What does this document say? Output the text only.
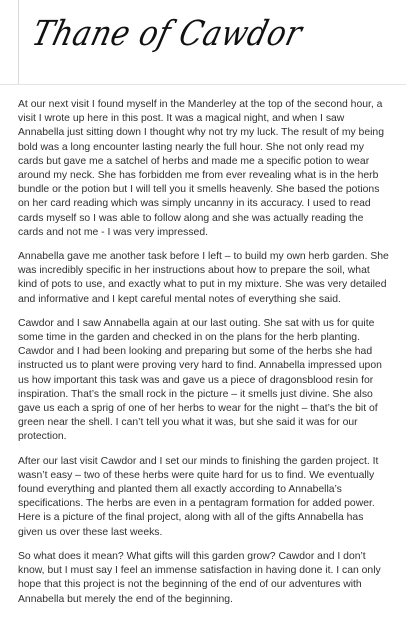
Thane of Cawdor

At our next visit I found myself in the Manderley at the top of the second hour, a visit I wrote up here in this post. It was a magical night, and when I saw Annabella just sitting down I thought why not try my luck. The result of my being bold was a long encounter lasting nearly the full hour. She not only read my cards but gave me a satchel of herbs and made me a specific potion to wear around my neck. She has forbidden me from ever revealing what is in the herb bundle or the potion but I will tell you it smells heavenly. She based the potions on her card reading which was simply uncanny in its accuracy. I used to read cards myself so I was able to follow along and she was actually reading the cards and not me - I was very impressed.

Annabella gave me another task before I left – to build my own herb garden. She was incredibly specific in her instructions about how to prepare the soil, what kind of pots to use, and exactly what to put in my mixture. She was very detailed and informative and I kept careful mental notes of everything she said.

Cawdor and I saw Annabella again at our last outing. She sat with us for quite some time in the garden and checked in on the plans for the herb planting. Cawdor and I had been looking and preparing but some of the herbs she had instructed us to plant were proving very hard to find. Annabella impressed upon us how important this task was and gave us a piece of dragonsblood resin for inspiration. That’s the small rock in the picture – it smells just divine. She also gave us each a sprig of one of her herbs to wear for the night – that’s the bit of green near the shell. I can’t tell you what it was, but she said it was for our protection.

After our last visit Cawdor and I set our minds to finishing the garden project. It wasn’t easy – two of these herbs were quite hard for us to find. We eventually found everything and planted them all exactly according to Annabella’s specifications. The herbs are even in a pentagram formation for added power. Here is a picture of the final project, along with all of the gifts Annabella has given us over these last weeks.

So what does it mean? What gifts will this garden grow? Cawdor and I don’t know, but I must say I feel an immense satisfaction in having done it. I can only hope that this project is not the beginning of the end of our adventures with Annabella but merely the end of the beginning.
